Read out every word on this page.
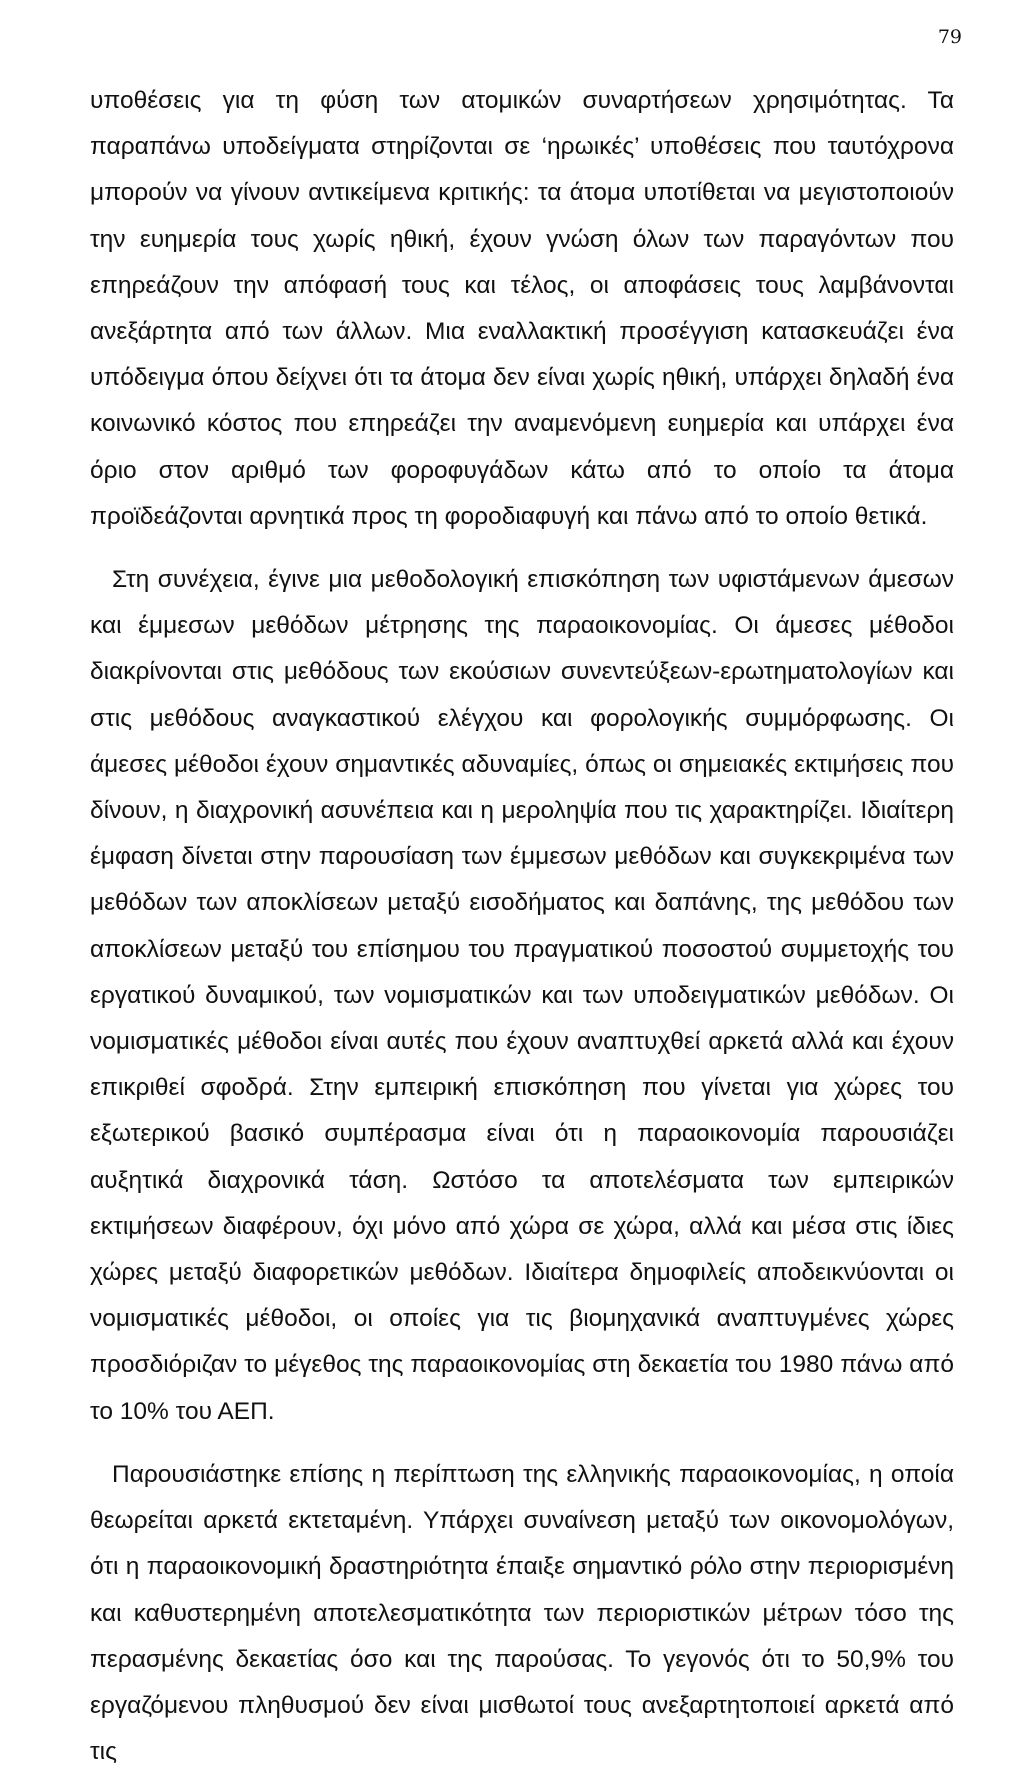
79

υποθέσεις για τη φύση των ατομικών συναρτήσεων χρησιμότητας. Τα παραπάνω υποδείγματα στηρίζονται σε ‘ηρωικές’ υποθέσεις που ταυτόχρονα μπορούν να γίνουν αντικείμενα κριτικής: τα άτομα υποτίθεται να μεγιστοποιούν την ευημερία τους χωρίς ηθική, έχουν γνώση όλων των παραγόντων που επηρεάζουν την απόφασή τους και τέλος, οι αποφάσεις τους λαμβάνονται ανεξάρτητα από των άλλων. Μια εναλλακτική προσέγγιση κατασκευάζει ένα υπόδειγμα όπου δείχνει ότι τα άτομα δεν είναι χωρίς ηθική, υπάρχει δηλαδή ένα κοινωνικό κόστος που επηρεάζει την αναμενόμενη ευημερία και υπάρχει ένα όριο στον αριθμό των φοροφυγάδων κάτω από το οποίο τα άτομα προϊδεάζονται αρνητικά προς τη φοροδιαφυγή και πάνω από το οποίο θετικά.

Στη συνέχεια, έγινε μια μεθοδολογική επισκόπηση των υφιστάμενων άμεσων και έμμεσων μεθόδων μέτρησης της παραοικονομίας. Οι άμεσες μέθοδοι διακρίνονται στις μεθόδους των εκούσιων συνεντεύξεων-ερωτηματολογίων και στις μεθόδους αναγκαστικού ελέγχου και φορολογικής συμμόρφωσης. Οι άμεσες μέθοδοι έχουν σημαντικές αδυναμίες, όπως οι σημειακές εκτιμήσεις που δίνουν, η διαχρονική ασυνέπεια και η μεροληψία που τις χαρακτηρίζει. Ιδιαίτερη έμφαση δίνεται στην παρουσίαση των έμμεσων μεθόδων και συγκεκριμένα των μεθόδων των αποκλίσεων μεταξύ εισοδήματος και δαπάνης, της μεθόδου των αποκλίσεων μεταξύ του επίσημου του πραγματικού ποσοστού συμμετοχής του εργατικού δυναμικού, των νομισματικών και των υποδειγματικών μεθόδων. Οι νομισματικές μέθοδοι είναι αυτές που έχουν αναπτυχθεί αρκετά αλλά και έχουν επικριθεί σφοδρά. Στην εμπειρική επισκόπηση που γίνεται για χώρες του εξωτερικού βασικό συμπέρασμα είναι ότι η παραοικονομία παρουσιάζει αυξητικά διαχρονικά τάση. Ωστόσο τα αποτελέσματα των εμπειρικών εκτιμήσεων διαφέρουν, όχι μόνο από χώρα σε χώρα, αλλά και μέσα στις ίδιες χώρες μεταξύ διαφορετικών μεθόδων. Ιδιαίτερα δημοφιλείς αποδεικνύονται οι νομισματικές μέθοδοι, οι οποίες για τις βιομηχανικά αναπτυγμένες χώρες προσδιόριζαν το μέγεθος της παραοικονομίας στη δεκαετία του 1980 πάνω από το 10% του ΑΕΠ.

Παρουσιάστηκε επίσης η περίπτωση της ελληνικής παραοικονομίας, η οποία θεωρείται αρκετά εκτεταμένη. Υπάρχει συναίνεση μεταξύ των οικονομολόγων, ότι η παραοικονομική δραστηριότητα έπαιξε σημαντικό ρόλο στην περιορισμένη και καθυστερημένη αποτελεσματικότητα των περιοριστικών μέτρων τόσο της περασμένης δεκαετίας όσο και της παρούσας. Το γεγονός ότι το 50,9% του εργαζόμενου πληθυσμού δεν είναι μισθωτοί τους ανεξαρτητοποιεί αρκετά από τις
